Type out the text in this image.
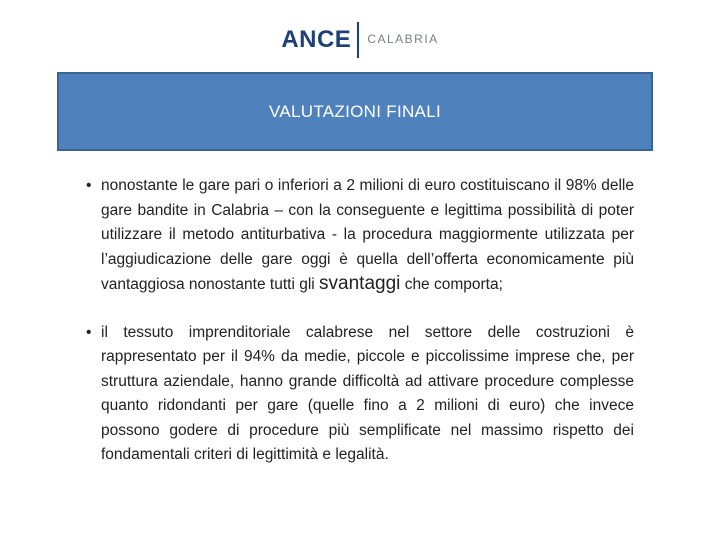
ANCE CALABRIA
VALUTAZIONI FINALI
• nonostante le gare pari o inferiori a 2 milioni di euro costituiscano il 98% delle gare bandite in Calabria – con la conseguente e legittima possibilità di poter utilizzare il metodo antiturbativa - la procedura maggiormente utilizzata per l’aggiudicazione delle gare oggi è quella dell’offerta economicamente più vantaggiosa nonostante tutti gli svantaggi che comporta;
• il tessuto imprenditoriale calabrese nel settore delle costruzioni è rappresentato per il 94% da medie, piccole e piccolissime imprese che, per struttura aziendale, hanno grande difficoltà ad attivare procedure complesse quanto ridondanti per gare (quelle fino a 2 milioni di euro) che invece possono godere di procedure più semplificate nel massimo rispetto dei fondamentali criteri di legittimità e legalità.
